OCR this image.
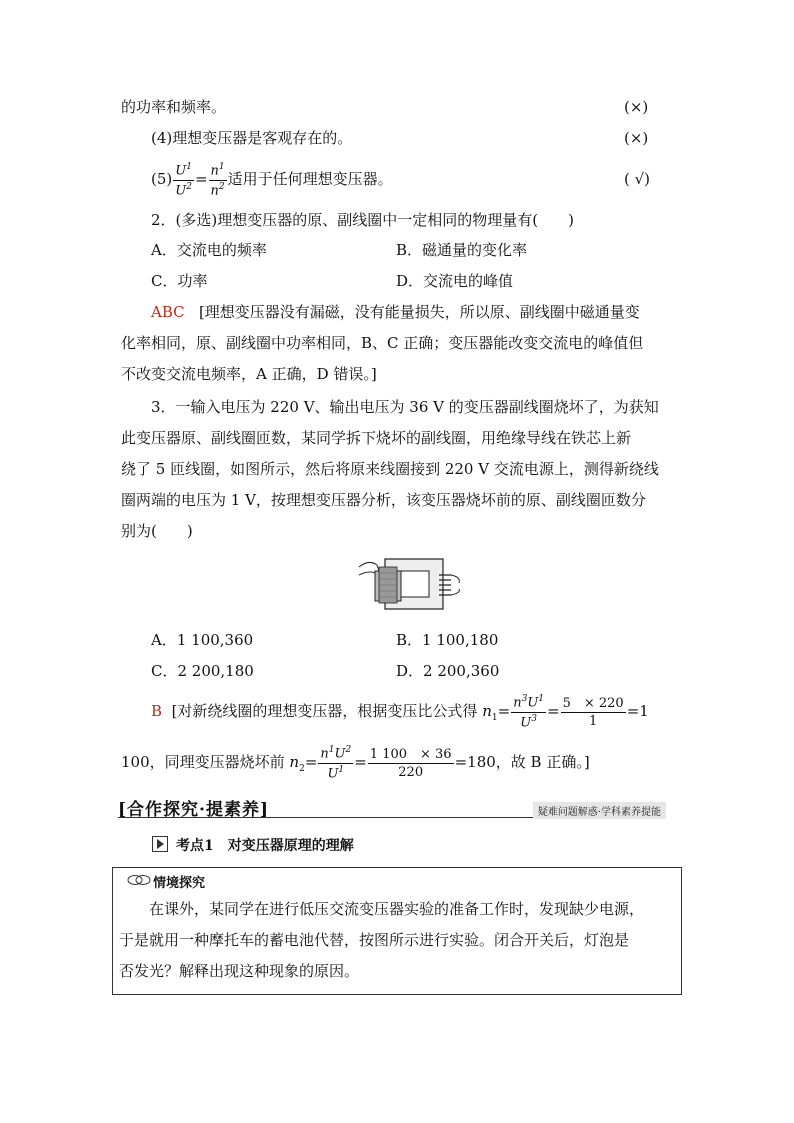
的功率和频率。	(×)
(4)理想变压器是客观存在的。	(×)
$(5) \frac{U^1}{U^2} = \frac{n^1}{n^2}$ 适用于任何理想变压器。	( √)
2．(多选)理想变压器的原、副线圈中一定相同的物理量有(　　)
A．交流电的频率	B．磁通量的变化率
C．功率	D．交流电的峰值
ABC [理想变压器没有漏磁，没有能量损失，所以原、副线圈中磁通量变
化率相同，原、副线圈中功率相同，B、C 正确；变压器能改变交流电的峰值但
不改变交流电频率，A 正确，D 错误。]
3．一输入电压为 220 V、输出电压为 36 V 的变压器副线圈烧坏了，为获知
此变压器原、副线圈匝数，某同学拆下烧坏的副线圈，用绝缘导线在铁芯上新
绕了 5 匝线圈，如图所示，然后将原来线圈接到 220 V 交流电源上，测得新绕线
圈两端的电压为 1 V，按理想变压器分析，该变压器烧坏前的原、副线圈匝数分
别为(　　)
A．1 100,360	B．1 100,180
C．2 200,180	D．2 200,360
B [对新绕线圈的理想变压器，根据变压比公式得 $n_1= \frac{n^3U^1}{U^3} = \frac{5 \times 220}{1} =1$
100，同理变压器烧坏前 $n_2= \frac{n^1U^2}{U^1} = \frac{1 100 \times 36}{220} =180$，故 B 正确。]
[合作探究·提素养]	疑难问题解惑·学科素养提能
考点1　对变压器原理的理解
情境探究
在课外，某同学在进行低压交流变压器实验的准备工作时，发现缺少电源，
于是就用一种摩托车的蓄电池代替，按图所示进行实验。闭合开关后，灯泡是
否发光？解释出现这种现象的原因。
